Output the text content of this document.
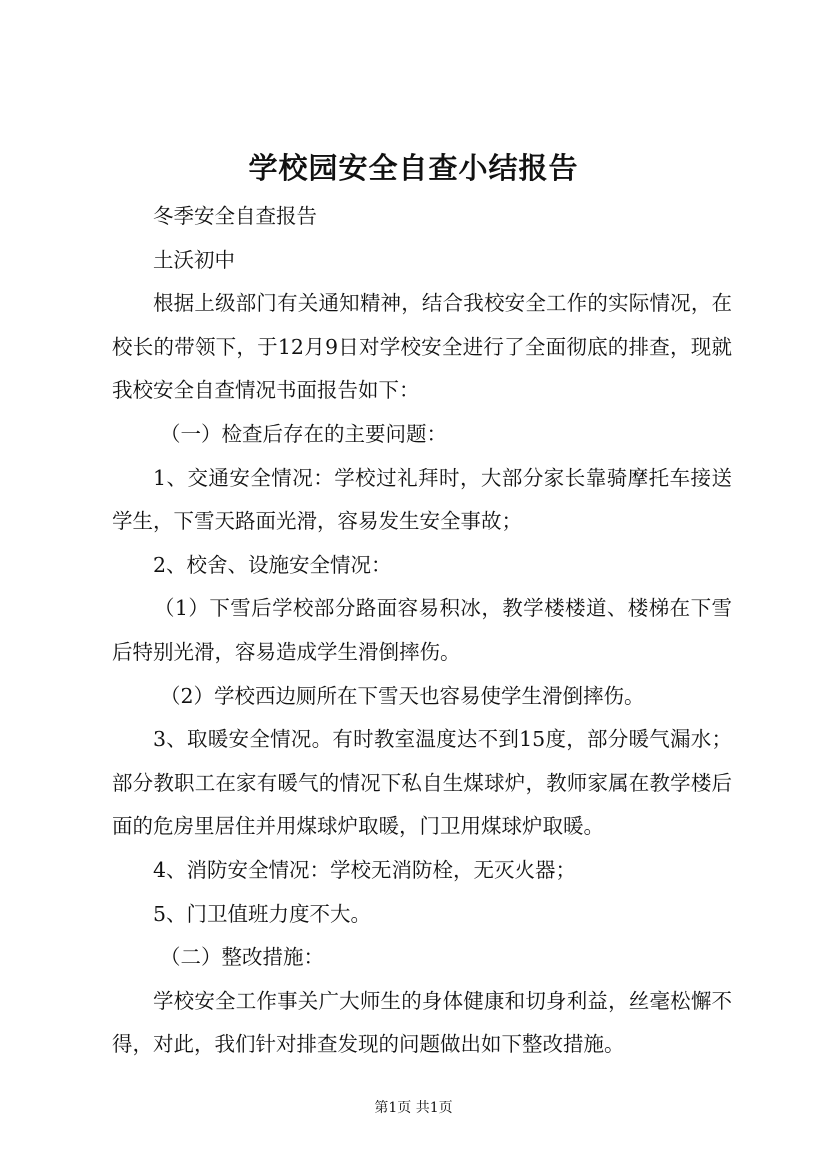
学校园安全自查小结报告

冬季安全自查报告

土沃初中

根据上级部门有关通知精神，结合我校安全工作的实际情况，在校长的带领下，于12月9日对学校安全进行了全面彻底的排查，现就我校安全自查情况书面报告如下：

（一）检查后存在的主要问题：

1、交通安全情况：学校过礼拜时，大部分家长靠骑摩托车接送学生，下雪天路面光滑，容易发生安全事故；

2、校舍、设施安全情况：

（1）下雪后学校部分路面容易积冰，教学楼楼道、楼梯在下雪后特别光滑，容易造成学生滑倒摔伤。

（2）学校西边厕所在下雪天也容易使学生滑倒摔伤。

3、取暖安全情况。有时教室温度达不到15度，部分暖气漏水；部分教职工在家有暖气的情况下私自生煤球炉，教师家属在教学楼后面的危房里居住并用煤球炉取暖，门卫用煤球炉取暖。

4、消防安全情况：学校无消防栓，无灭火器；

5、门卫值班力度不大。

（二）整改措施：

学校安全工作事关广大师生的身体健康和切身利益，丝毫松懈不得，对此，我们针对排查发现的问题做出如下整改措施。

第1页 共1页
